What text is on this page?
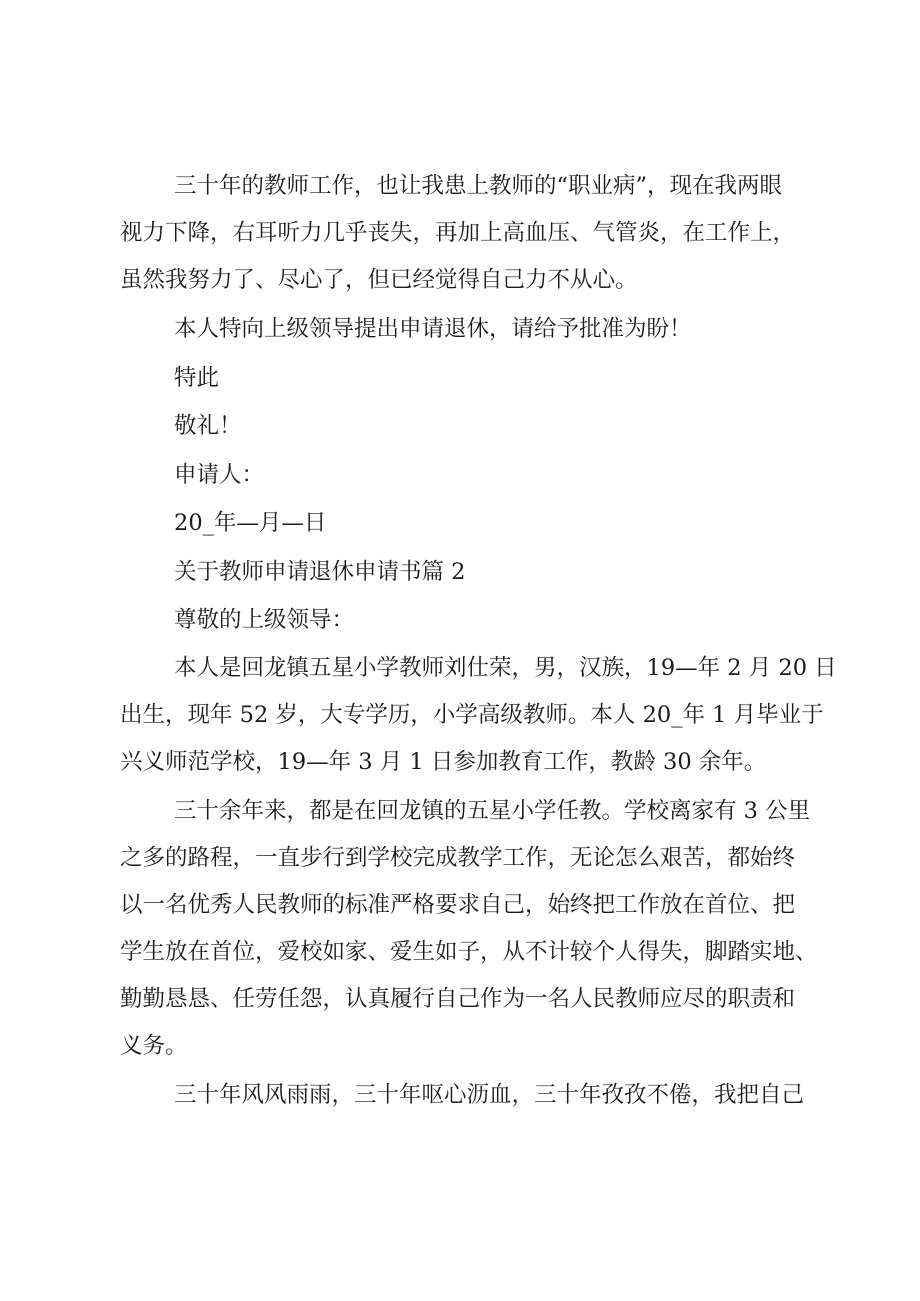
三十年的教师工作，也让我患上教师的“职业病”，现在我两眼
视力下降，右耳听力几乎丧失，再加上高血压、气管炎，在工作上，
虽然我努力了、尽心了，但已经觉得自己力不从心。
本人特向上级领导提出申请退休，请给予批准为盼！
特此
敬礼！
申请人：
20_年—月—日
关于教师申请退休申请书篇 2
尊敬的上级领导：
本人是回龙镇五星小学教师刘仕荣，男，汉族，19—年 2 月 20 日
出生，现年 52 岁，大专学历，小学高级教师。本人 20_年 1 月毕业于
兴义师范学校，19—年 3 月 1 日参加教育工作，教龄 30 余年。
三十余年来，都是在回龙镇的五星小学任教。学校离家有 3 公里
之多的路程，一直步行到学校完成教学工作，无论怎么艰苦，都始终
以一名优秀人民教师的标准严格要求自己，始终把工作放在首位、把
学生放在首位，爱校如家、爱生如子，从不计较个人得失，脚踏实地、
勤勤恳恳、任劳任怨，认真履行自己作为一名人民教师应尽的职责和
义务。
三十年风风雨雨，三十年呕心沥血，三十年孜孜不倦，我把自己
